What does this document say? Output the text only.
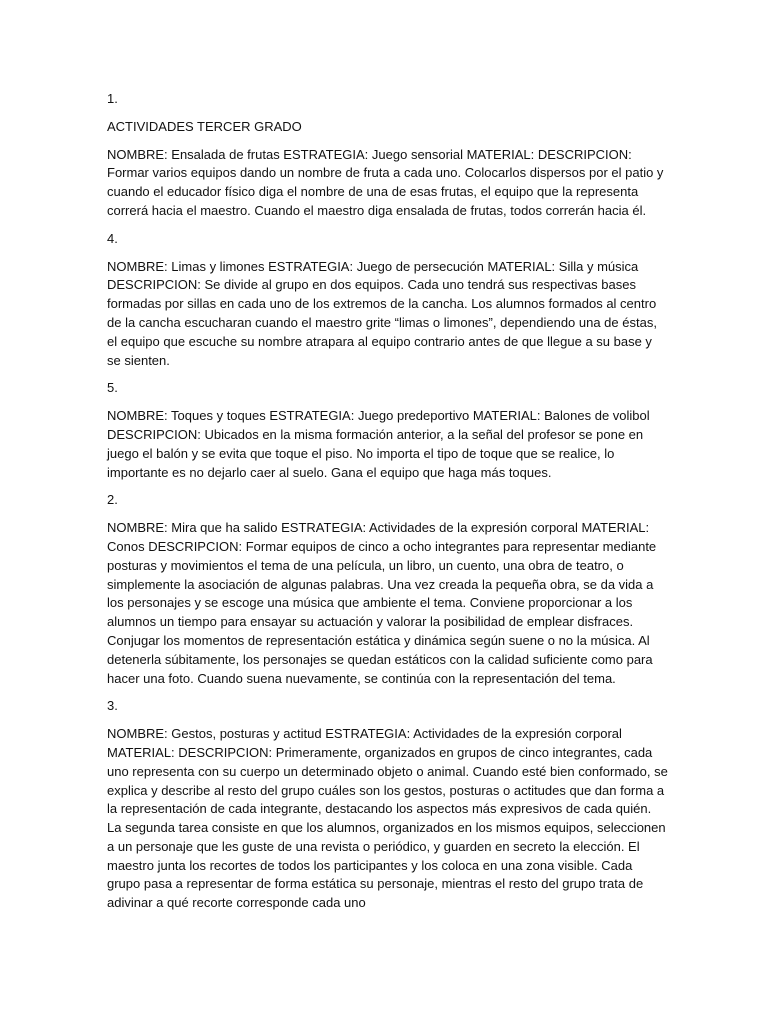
1.

ACTIVIDADES TERCER GRADO

NOMBRE: Ensalada de frutas ESTRATEGIA: Juego sensorial MATERIAL: DESCRIPCION: Formar varios equipos dando un nombre de fruta a cada uno. Colocarlos dispersos por el patio y cuando el educador físico diga el nombre de una de esas frutas, el equipo que la representa correrá hacia el maestro. Cuando el maestro diga ensalada de frutas, todos correrán hacia él.

4.

NOMBRE: Limas y limones ESTRATEGIA: Juego de persecución MATERIAL: Silla y música DESCRIPCION: Se divide al grupo en dos equipos. Cada uno tendrá sus respectivas bases formadas por sillas en cada uno de los extremos de la cancha. Los alumnos formados al centro de la cancha escucharan cuando el maestro grite “limas o limones”, dependiendo una de éstas, el equipo que escuche su nombre atrapara al equipo contrario antes de que llegue a su base y se sienten.

5.

NOMBRE: Toques y toques ESTRATEGIA: Juego predeportivo MATERIAL: Balones de volibol DESCRIPCION: Ubicados en la misma formación anterior, a la señal del profesor se pone en juego el balón y se evita que toque el piso. No importa el tipo de toque que se realice, lo importante es no dejarlo caer al suelo. Gana el equipo que haga más toques.

2.

NOMBRE: Mira que ha salido ESTRATEGIA: Actividades de la expresión corporal MATERIAL: Conos DESCRIPCION: Formar equipos de cinco a ocho integrantes para representar mediante posturas y movimientos el tema de una película, un libro, un cuento, una obra de teatro, o simplemente la asociación de algunas palabras. Una vez creada la pequeña obra, se da vida a los personajes y se escoge una música que ambiente el tema. Conviene proporcionar a los alumnos un tiempo para ensayar su actuación y valorar la posibilidad de emplear disfraces. Conjugar los momentos de representación estática y dinámica según suene o no la música. Al detenerla súbitamente, los personajes se quedan estáticos con la calidad suficiente como para hacer una foto. Cuando suena nuevamente, se continúa con la representación del tema.

3.

NOMBRE: Gestos, posturas y actitud ESTRATEGIA: Actividades de la expresión corporal MATERIAL: DESCRIPCION: Primeramente, organizados en grupos de cinco integrantes, cada uno representa con su cuerpo un determinado objeto o animal. Cuando esté bien conformado, se explica y describe al resto del grupo cuáles son los gestos, posturas o actitudes que dan forma a la representación de cada integrante, destacando los aspectos más expresivos de cada quién. La segunda tarea consiste en que los alumnos, organizados en los mismos equipos, seleccionen a un personaje que les guste de una revista o periódico, y guarden en secreto la elección. El maestro junta los recortes de todos los participantes y los coloca en una zona visible. Cada grupo pasa a representar de forma estática su personaje, mientras el resto del grupo trata de adivinar a qué recorte corresponde cada uno
